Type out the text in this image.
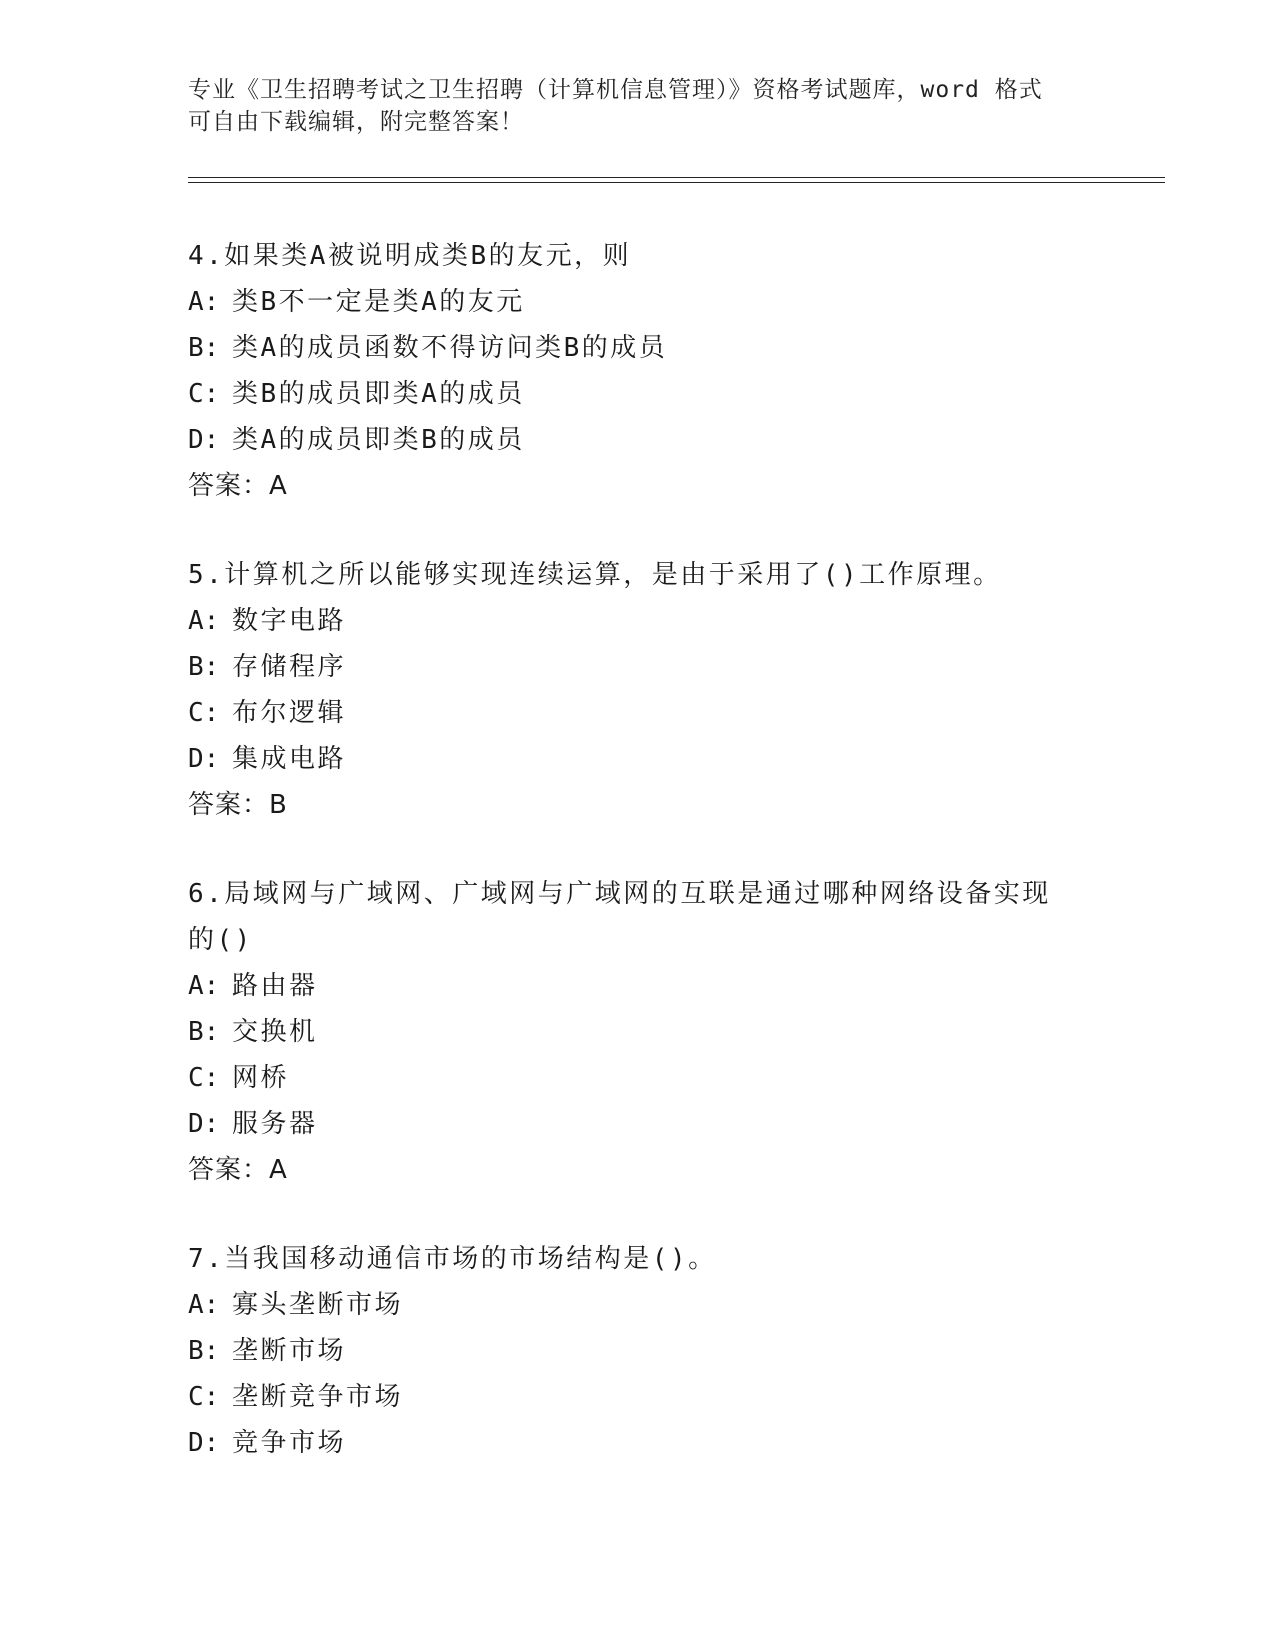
专业《卫生招聘考试之卫生招聘（计算机信息管理）》资格考试题库，word 格式
可自由下载编辑，附完整答案！
4.如果类A被说明成类B的友元，则
A: 类B不一定是类A的友元
B: 类A的成员函数不得访问类B的成员
C: 类B的成员即类A的成员
D: 类A的成员即类B的成员
答案：A
5.计算机之所以能够实现连续运算，是由于采用了()工作原理。
A: 数字电路
B: 存储程序
C: 布尔逻辑
D: 集成电路
答案：B
6.局域网与广域网、广域网与广域网的互联是通过哪种网络设备实现的()
A: 路由器
B: 交换机
C: 网桥
D: 服务器
答案：A
7.当我国移动通信市场的市场结构是()。
A: 寡头垄断市场
B: 垄断市场
C: 垄断竞争市场
D: 竞争市场
